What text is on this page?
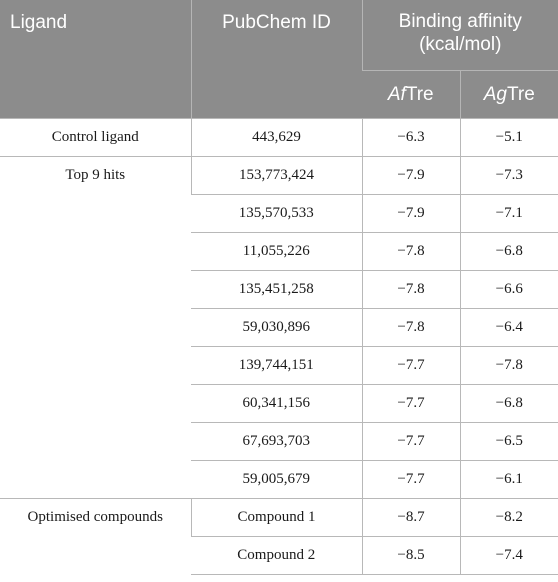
Ligand	PubChem ID	Binding affinity
(kcal/mol)	
		AfTre	AgTre
Control ligand	443,629	−6.3	−5.1
Top 9 hits	153,773,424	−7.9	−7.3
	135,570,533	−7.9	−7.1
	11,055,226	−7.8	−6.8
	135,451,258	−7.8	−6.6
	59,030,896	−7.8	−6.4
	139,744,151	−7.7	−7.8
	60,341,156	−7.7	−6.8
	67,693,703	−7.7	−6.5
	59,005,679	−7.7	−6.1
Optimised compounds	Compound 1	−8.7	−8.2
	Compound 2	−8.5	−7.4
